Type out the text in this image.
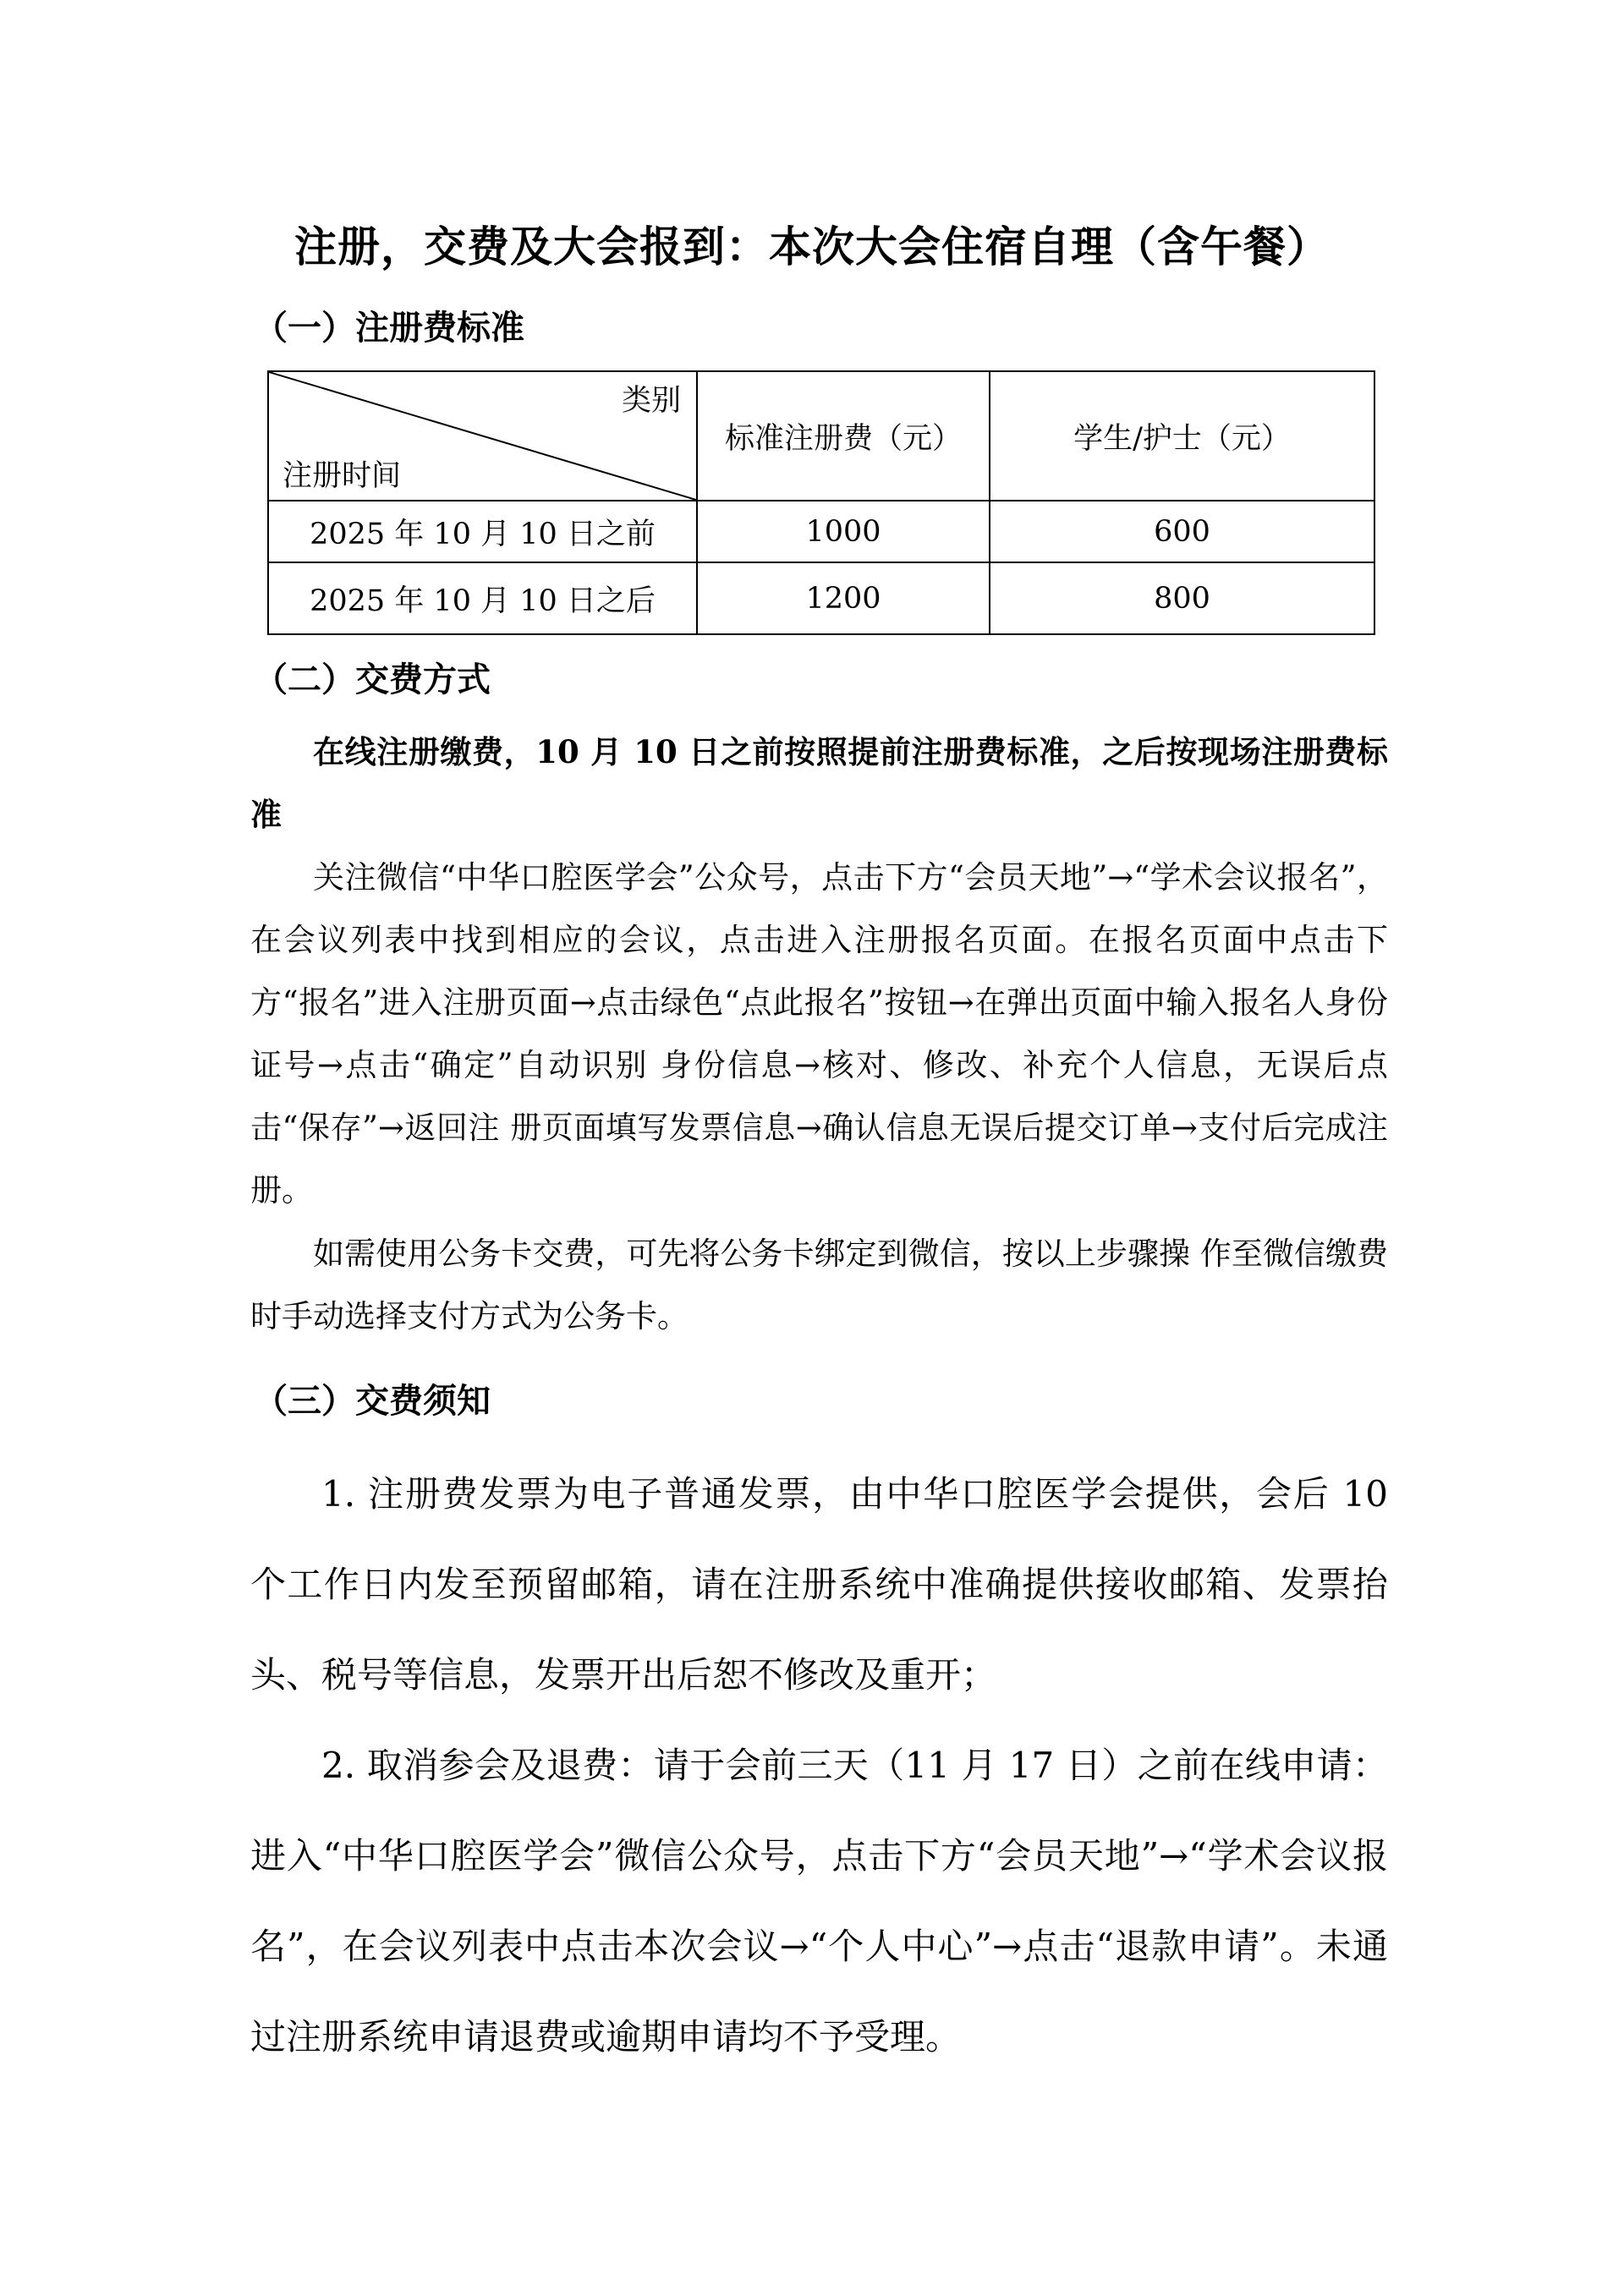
注册，交费及大会报到：本次大会住宿自理（含午餐）
（一）注册费标准
类别
注册时间	标准注册费（元）	学生/护士（元）
2025 年 10 月 10 日之前	1000	600
2025 年 10 月 10 日之后	1200	800
（二）交费方式

在线注册缴费，10 月 10 日之前按照提前注册费标准，之后按现场注册费标准

关注微信“中华口腔医学会”公众号，点击下方“会员天地”→“学术会议报名”，在会议列表中找到相应的会议，点击进入注册报名页面。在报名页面中点击下方“报名”进入注册页面→点击绿色“点此报名”按钮→在弹出页面中输入报名人身份证号→点击“确定”自动识别 身份信息→核对、修改、补充个人信息，无误后点击“保存”→返回注 册页面填写发票信息→确认信息无误后提交订单→支付后完成注册。

如需使用公务卡交费，可先将公务卡绑定到微信，按以上步骤操 作至微信缴费时手动选择支付方式为公务卡。

（三）交费须知

1. 注册费发票为电子普通发票，由中华口腔医学会提供，会后 10 个工作日内发至预留邮箱，请在注册系统中准确提供接收邮箱、发票抬头、税号等信息，发票开出后恕不修改及重开；

2. 取消参会及退费：请于会前三天（11 月 17 日）之前在线申请：进入“中华口腔医学会”微信公众号，点击下方“会员天地”→“学术会议报名”，在会议列表中点击本次会议→“个人中心”→点击“退款申请”。未通过注册系统申请退费或逾期申请均不予受理。
